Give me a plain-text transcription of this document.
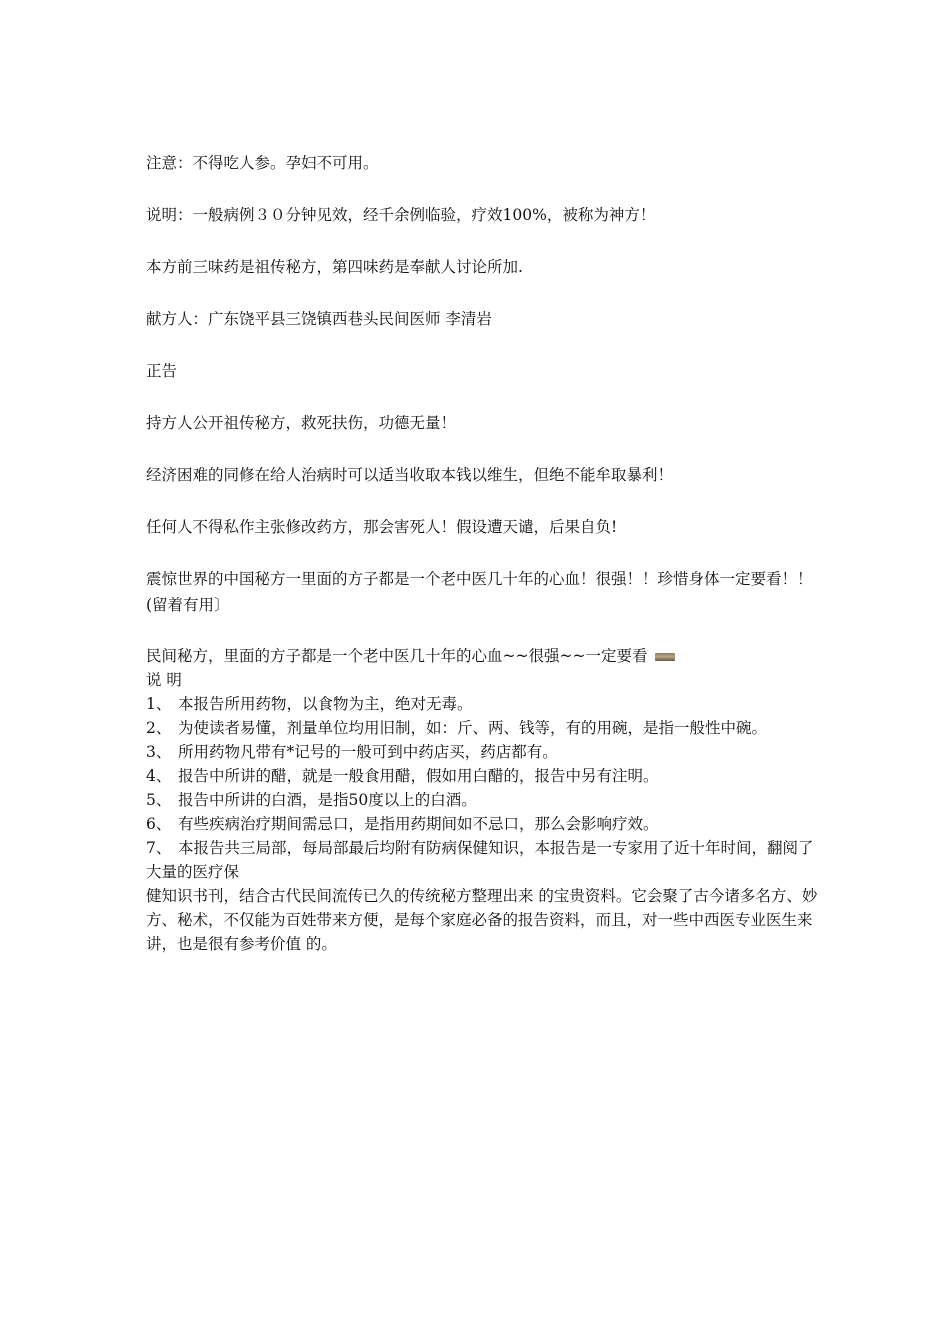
注意：不得吃人参。孕妇不可用。

说明：一般病例３０分钟见效，经千余例临验，疗效100%，被称为神方！

本方前三味药是祖传秘方，第四味药是奉献人讨论所加.

献方人：广东饶平县三饶镇西巷头民间医师 李清岩

正告

持方人公开祖传秘方，救死扶伤，功德无量！

经济困难的同修在给人治病时可以适当收取本钱以维生，但绝不能牟取暴利！

任何人不得私作主张修改药方，那会害死人！假设遭天谴，后果自负!

震惊世界的中国秘方一里面的方子都是一个老中医几十年的心血！很强！！珍惜身体一定要看！！(留着有用〕

民间秘方，里面的方子都是一个老中医几十年的心血~~很强~~一定要看

说 明

1、 本报告所用药物，以食物为主，绝对无毒。

2、 为使读者易懂，剂量单位均用旧制，如：斤、两、钱等，有的用碗，是指一般性中碗。

3、 所用药物凡带有*记号的一般可到中药店买，药店都有。

4、 报告中所讲的醋，就是一般食用醋，假如用白醋的，报告中另有注明。

5、 报告中所讲的白酒，是指50度以上的白酒。

6、 有些疾病治疗期间需忌口，是指用药期间如不忌口，那么会影响疗效。

7、 本报告共三局部，每局部最后均附有防病保健知识，本报告是一专家用了近十年时间，翻阅了大量的医疗保

健知识书刊，结合古代民间流传已久的传统秘方整理出来 的宝贵资料。它会聚了古今诸多名方、妙方、秘术，不仅能为百姓带来方便，是每个家庭必备的报告资料，而且，对一些中西医专业医生来讲，也是很有参考价值 的。
